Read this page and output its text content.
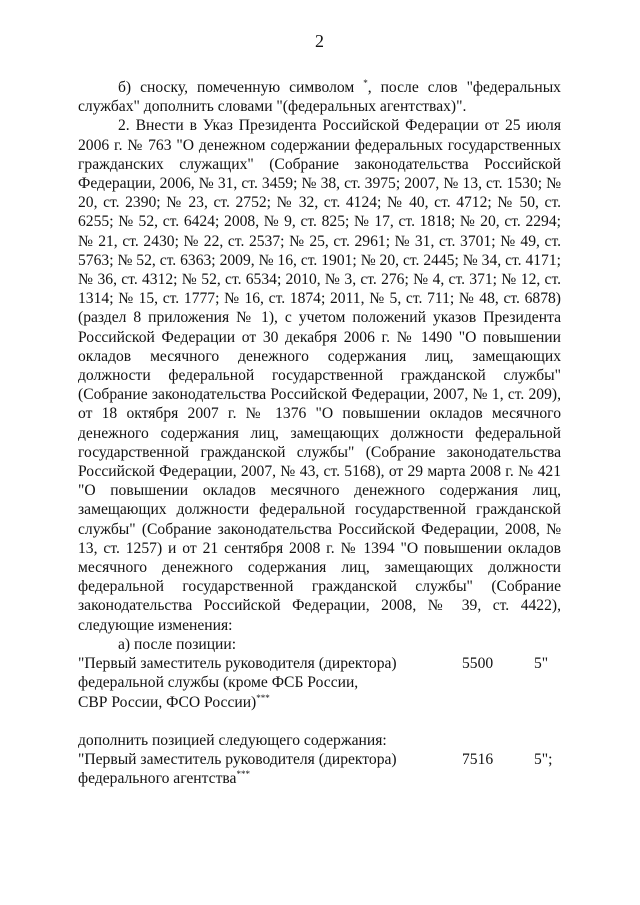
2

б) сноску, помеченную символом *, после слов "федеральных службах" дополнить словами "(федеральных агентствах)".

2. Внести в Указ Президента Российской Федерации от 25 июля 2006 г. № 763 "О денежном содержании федеральных государственных гражданских служащих" (Собрание законодательства Российской Федерации, 2006, № 31, ст. 3459; № 38, ст. 3975; 2007, № 13, ст. 1530; № 20, ст. 2390; № 23, ст. 2752; № 32, ст. 4124; № 40, ст. 4712; № 50, ст. 6255; № 52, ст. 6424; 2008, № 9, ст. 825; № 17, ст. 1818; № 20, ст. 2294; № 21, ст. 2430; № 22, ст. 2537; № 25, ст. 2961; № 31, ст. 3701; № 49, ст. 5763; № 52, ст. 6363; 2009, № 16, ст. 1901; № 20, ст. 2445; № 34, ст. 4171; № 36, ст. 4312; № 52, ст. 6534; 2010, № 3, ст. 276; № 4, ст. 371; № 12, ст. 1314; № 15, ст. 1777; № 16, ст. 1874; 2011, № 5, ст. 711; № 48, ст. 6878) (раздел 8 приложения № 1), с учетом положений указов Президента Российской Федерации от 30 декабря 2006 г. № 1490 "О повышении окладов месячного денежного содержания лиц, замещающих должности федеральной государственной гражданской службы" (Собрание законодательства Российской Федерации, 2007, № 1, ст. 209), от 18 октября 2007 г. № 1376 "О повышении окладов месячного денежного содержания лиц, замещающих должности федеральной государственной гражданской службы" (Собрание законодательства Российской Федерации, 2007, № 43, ст. 5168), от 29 марта 2008 г. № 421 "О повышении окладов месячного денежного содержания лиц, замещающих должности федеральной государственной гражданской службы" (Собрание законодательства Российской Федерации, 2008, № 13, ст. 1257) и от 21 сентября 2008 г. № 1394 "О повышении окладов месячного денежного содержания лиц, замещающих должности федеральной государственной гражданской службы" (Собрание законодательства Российской Федерации, 2008, № 39, ст. 4422), следующие изменения:

а) после позиции:

"Первый заместитель руководителя (директора)
федеральной службы (кроме ФСБ России,
СВР России, ФСО России)***
5500	5"

дополнить позицией следующего содержания:

"Первый заместитель руководителя (директора)
федерального агентства***
7516	5";
